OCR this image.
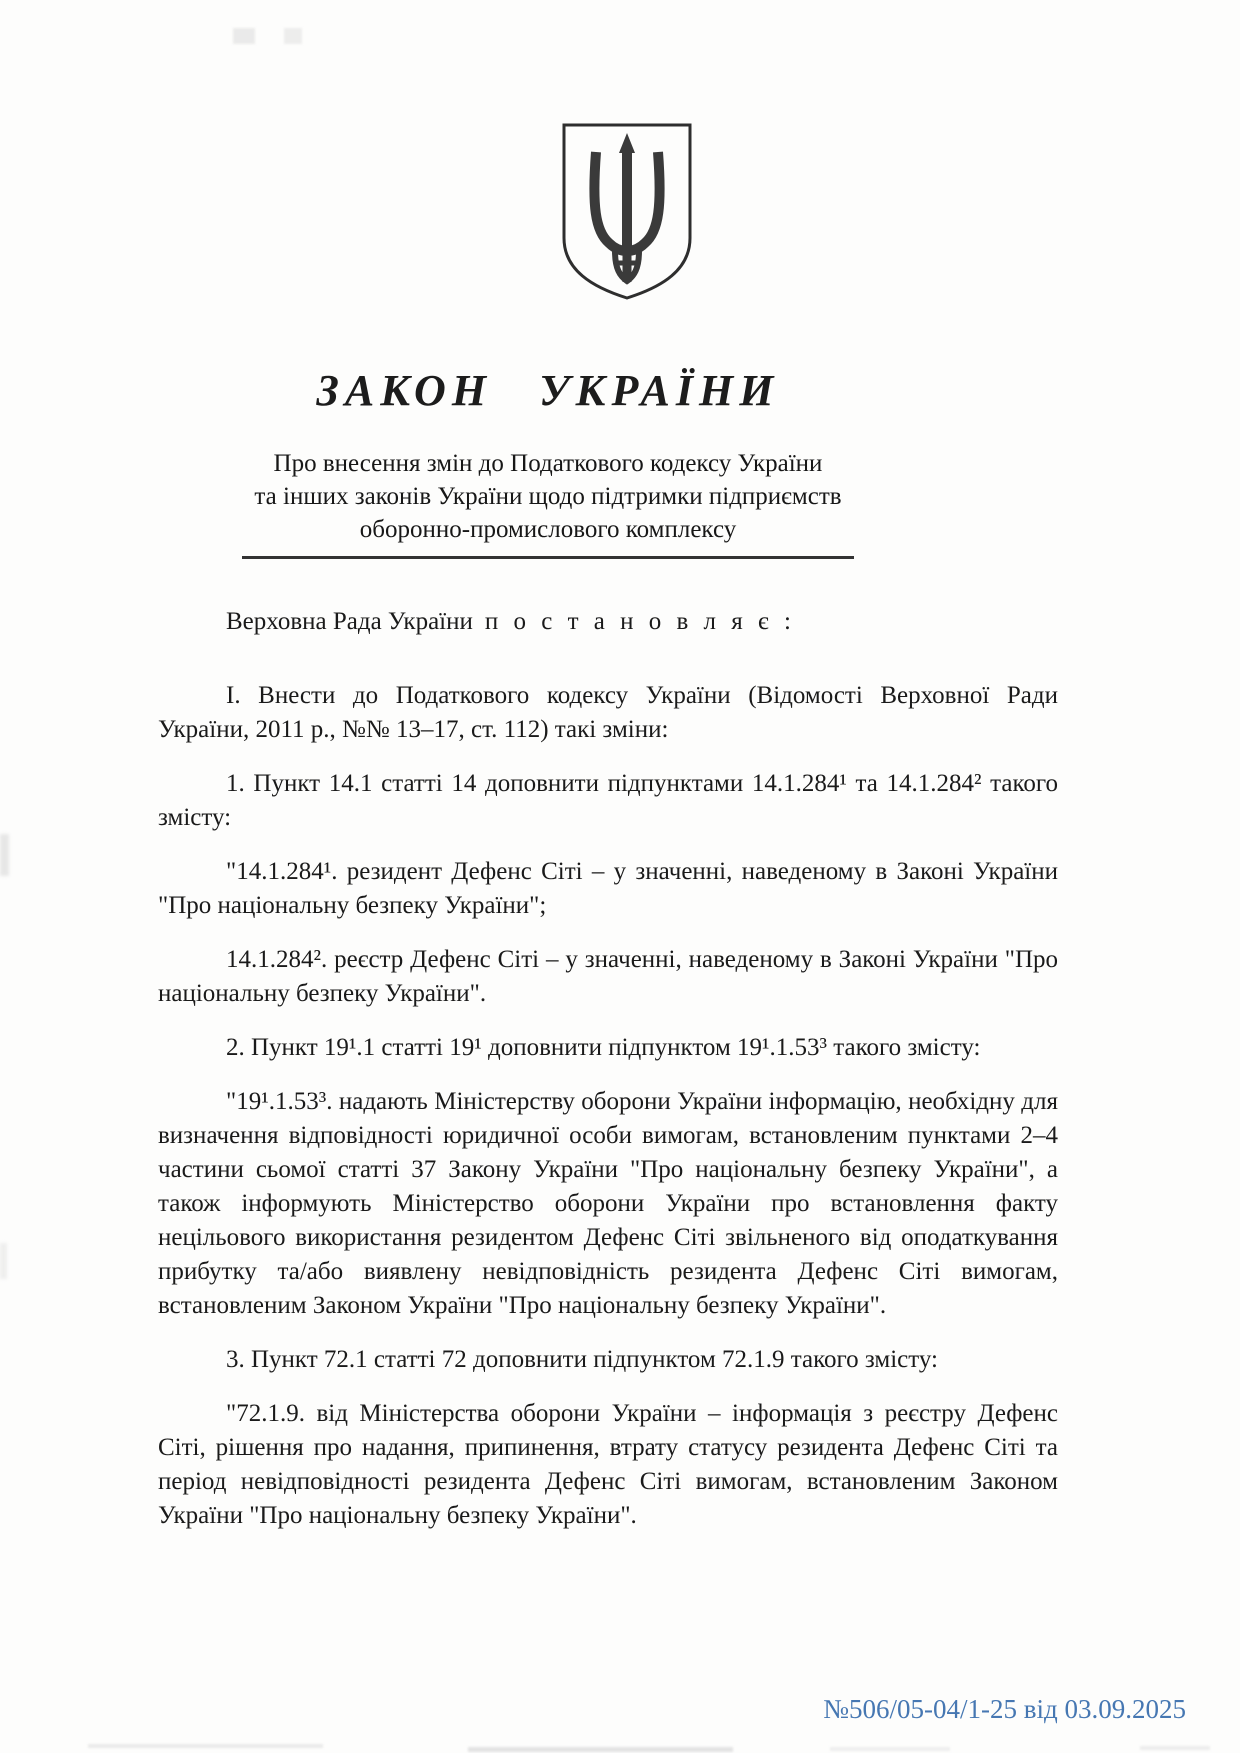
ЗАКОН УКРАЇНИ
Про внесення змін до Податкового кодексу України
та інших законів України щодо підтримки підприємств
оборонно-промислового комплексу

Верховна Рада України п о с т а н о в л я є :

І. Внести до Податкового кодексу України (Відомості Верховної Ради України, 2011 р., №№ 13–17, ст. 112) такі зміни:

1. Пункт 14.1 статті 14 доповнити підпунктами 14.1.284¹ та 14.1.284² такого змісту:

"14.1.284¹. резидент Дефенс Сіті – у значенні, наведеному в Законі України "Про національну безпеку України";

14.1.284². реєстр Дефенс Сіті – у значенні, наведеному в Законі України "Про національну безпеку України".

2. Пункт 19¹.1 статті 19¹ доповнити підпунктом 19¹.1.53³ такого змісту:

"19¹.1.53³. надають Міністерству оборони України інформацію, необхідну для визначення відповідності юридичної особи вимогам, встановленим пунктами 2–4 частини сьомої статті 37 Закону України "Про національну безпеку України", а також інформують Міністерство оборони України про встановлення факту нецільового використання резидентом Дефенс Сіті звільненого від оподаткування прибутку та/або виявлену невідповідність резидента Дефенс Сіті вимогам, встановленим Законом України "Про національну безпеку України".

3. Пункт 72.1 статті 72 доповнити підпунктом 72.1.9 такого змісту:

"72.1.9. від Міністерства оборони України – інформація з реєстру Дефенс Сіті, рішення про надання, припинення, втрату статусу резидента Дефенс Сіті та період невідповідності резидента Дефенс Сіті вимогам, встановленим Законом України "Про національну безпеку України".

№506/05-04/1-25 від 03.09.2025
